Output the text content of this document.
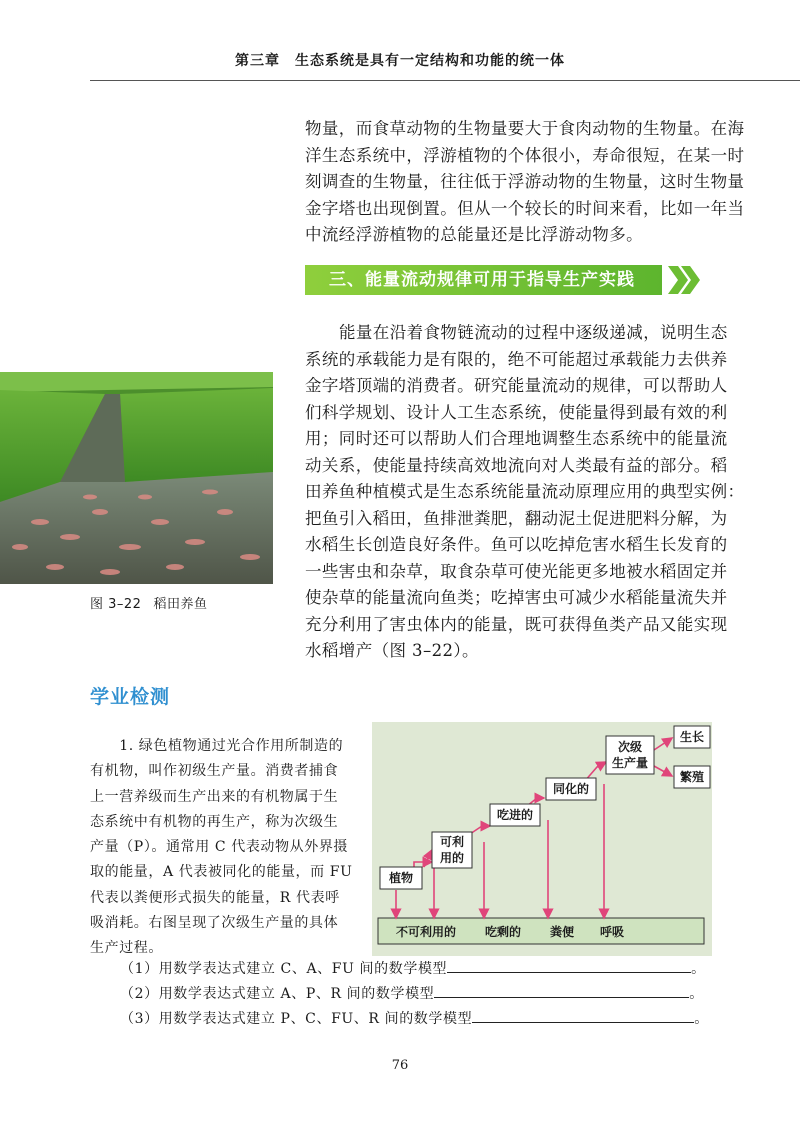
第三章　生态系统是具有一定结构和功能的统一体
物量，而食草动物的生物量要大于食肉动物的生物量。在海
洋生态系统中，浮游植物的个体很小，寿命很短，在某一时
刻调查的生物量，往往低于浮游动物的生物量，这时生物量
金字塔也出现倒置。但从一个较长的时间来看，比如一年当
中流经浮游植物的总能量还是比浮游动物多。
三、能量流动规律可用于指导生产实践
能量在沿着食物链流动的过程中逐级递减，说明生态
系统的承载能力是有限的，绝不可能超过承载能力去供养
金字塔顶端的消费者。研究能量流动的规律，可以帮助人
们科学规划、设计人工生态系统，使能量得到最有效的利
用；同时还可以帮助人们合理地调整生态系统中的能量流
动关系，使能量持续高效地流向对人类最有益的部分。稻
田养鱼种植模式是生态系统能量流动原理应用的典型实例：
把鱼引入稻田，鱼排泄粪肥，翻动泥土促进肥料分解，为
水稻生长创造良好条件。鱼可以吃掉危害水稻生长发育的
一些害虫和杂草，取食杂草可使光能更多地被水稻固定并
使杂草的能量流向鱼类；吃掉害虫可减少水稻能量流失并
充分利用了害虫体内的能量，既可获得鱼类产品又能实现
水稻增产（图 3–22）。
图 3–22 稻田养鱼
学业检测
　　1. 绿色植物通过光合作用所制造的
有机物，叫作初级生产量。消费者捕食
上一营养级而生产出来的有机物属于生
态系统中有机物的再生产，称为次级生
产量（P）。通常用 C 代表动物从外界摄
取的能量，A 代表被同化的能量，而 FU
代表以粪便形式损失的能量，R 代表呼
吸消耗。右图呈现了次级生产量的具体
生产过程。
植物
可利
用的
吃进的
同化的
次级
生产量
生长
繁殖
不可利用的 吃剩的 粪便 呼吸
（1）用数学表达式建立 C、A、FU 间的数学模型	。
（2）用数学表达式建立 A、P、R 间的数学模型	。
（3）用数学表达式建立 P、C、FU、R 间的数学模型	。
76
